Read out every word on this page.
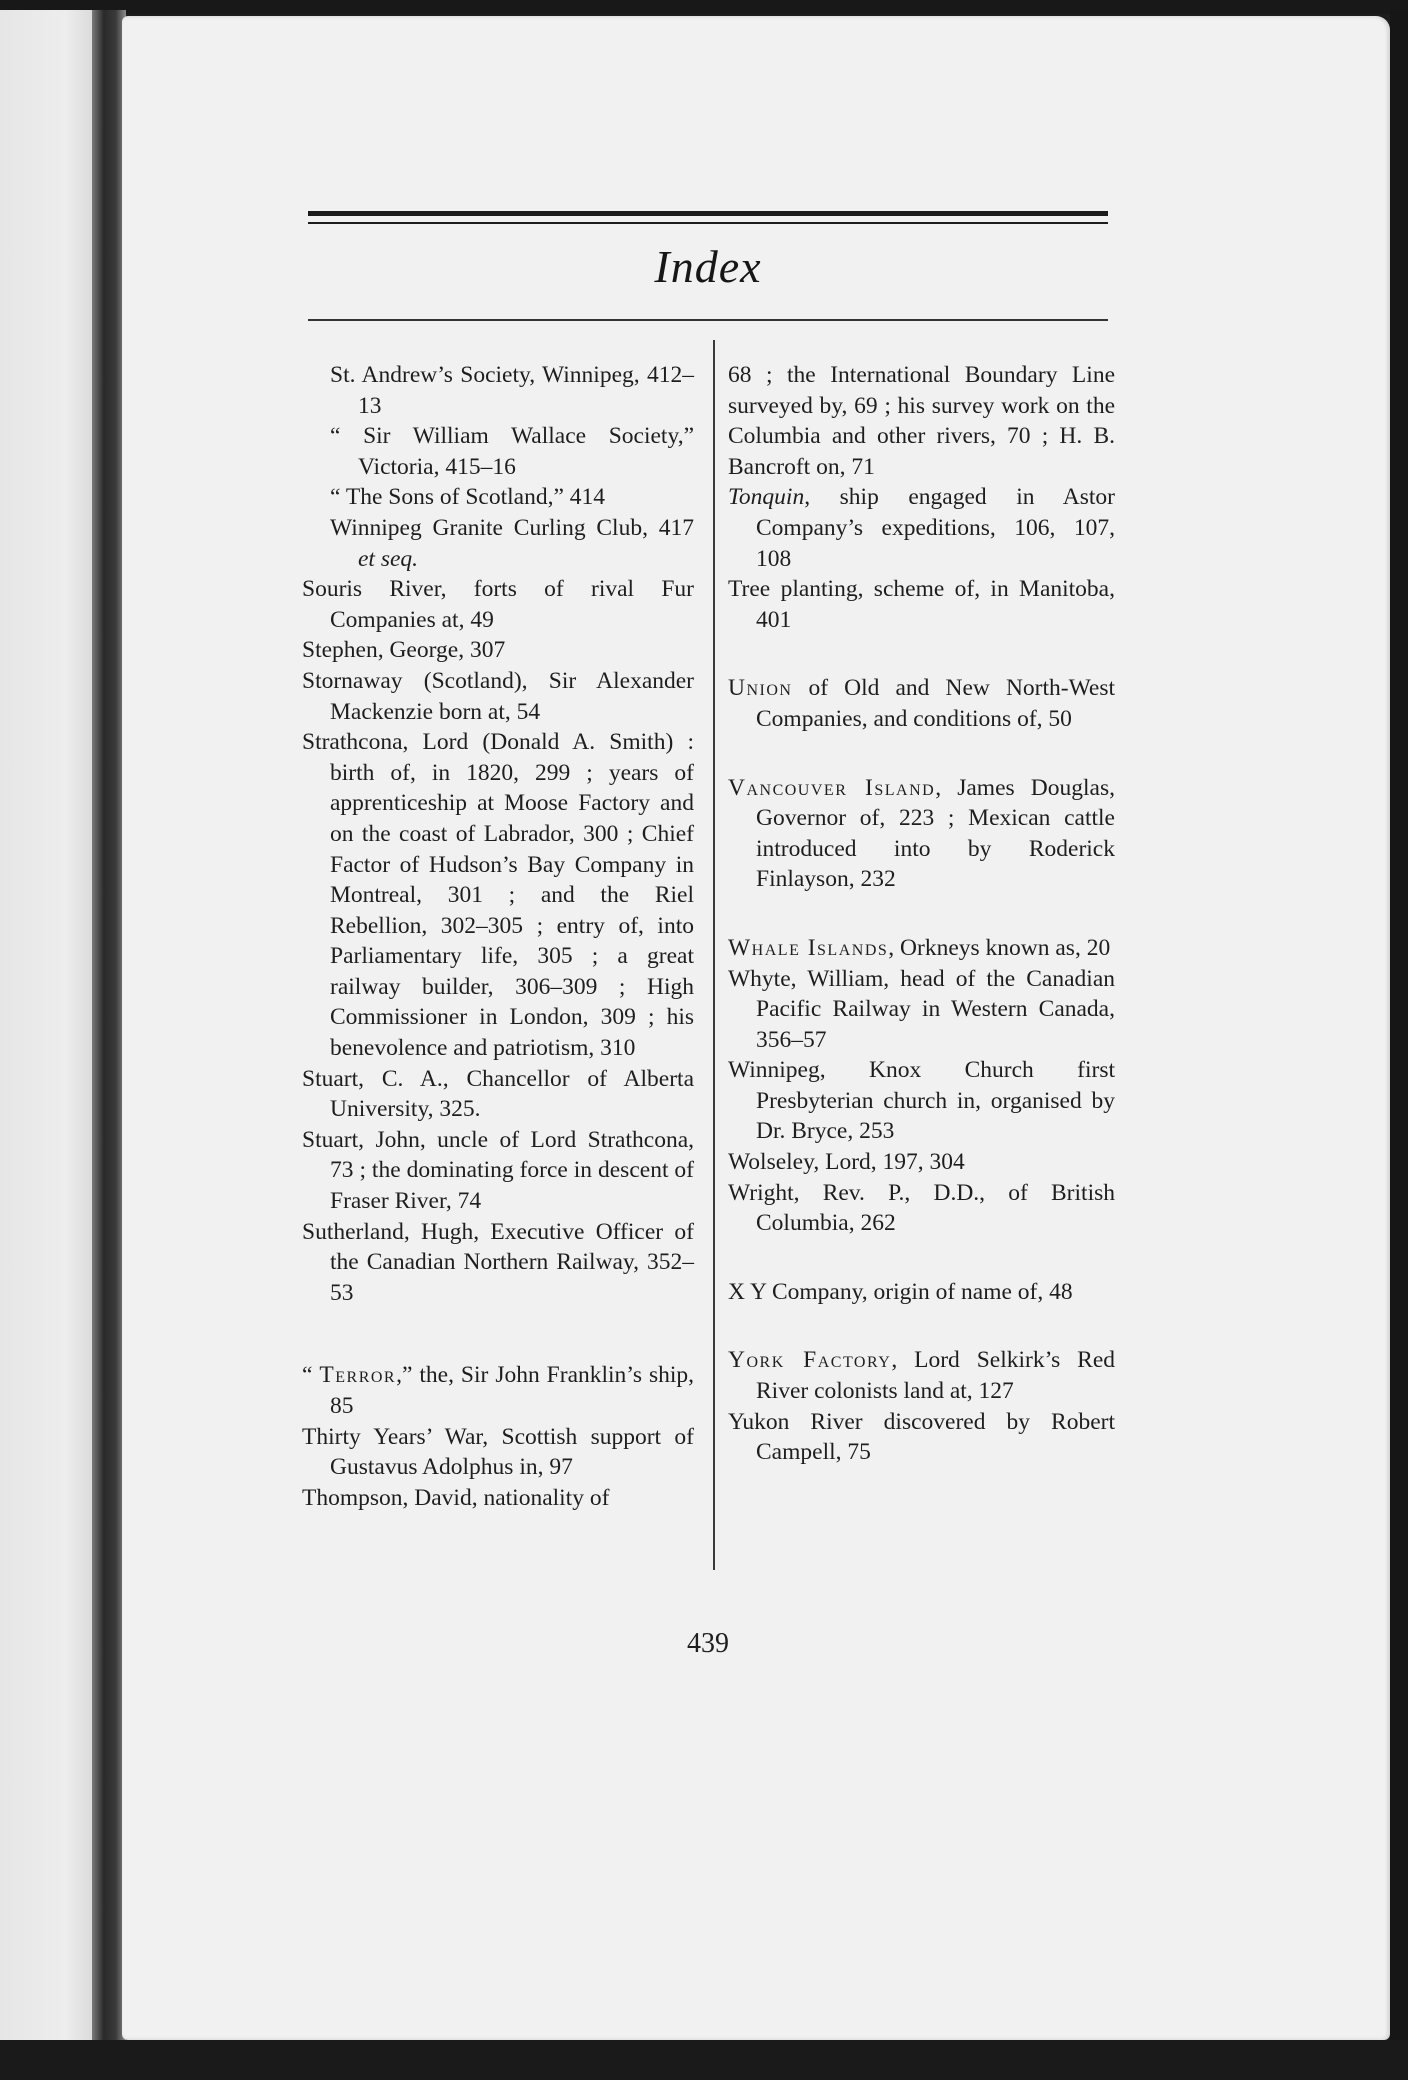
Index

St. Andrew’s Society, Winnipeg, 412–13

“ Sir William Wallace Society,” Victoria, 415–16

“ The Sons of Scotland,” 414

Winnipeg Granite Curling Club, 417 et seq.

Souris River, forts of rival Fur Companies at, 49

Stephen, George, 307

Stornaway (Scotland), Sir Alexander Mackenzie born at, 54

Strathcona, Lord (Donald A. Smith) : birth of, in 1820, 299 ; years of apprenticeship at Moose Factory and on the coast of Labrador, 300 ; Chief Factor of Hudson’s Bay Company in Montreal, 301 ; and the Riel Rebellion, 302–305 ; entry of, into Parliamentary life, 305 ; a great railway builder, 306–309 ; High Commissioner in London, 309 ; his benevolence and patriotism, 310

Stuart, C. A., Chancellor of Alberta University, 325.

Stuart, John, uncle of Lord Strathcona, 73 ; the dominating force in descent of Fraser River, 74

Sutherland, Hugh, Executive Officer of the Canadian Northern Railway, 352–53

“ Terror,” the, Sir John Franklin’s ship, 85

Thirty Years’ War, Scottish support of Gustavus Adolphus in, 97

Thompson, David, nationality of

68 ; the International Boundary Line surveyed by, 69 ; his survey work on the Columbia and other rivers, 70 ; H. B. Bancroft on, 71

Tonquin, ship engaged in Astor Company’s expeditions, 106, 107, 108

Tree planting, scheme of, in Manitoba, 401

Union of Old and New North-West Companies, and conditions of, 50

Vancouver Island, James Douglas, Governor of, 223 ; Mexican cattle introduced into by Roderick Finlayson, 232

Whale Islands, Orkneys known as, 20

Whyte, William, head of the Canadian Pacific Railway in Western Canada, 356–57

Winnipeg, Knox Church first Presbyterian church in, organised by Dr. Bryce, 253

Wolseley, Lord, 197, 304

Wright, Rev. P., D.D., of British Columbia, 262

X Y Company, origin of name of, 48

York Factory, Lord Selkirk’s Red River colonists land at, 127

Yukon River discovered by Robert Campell, 75

439
